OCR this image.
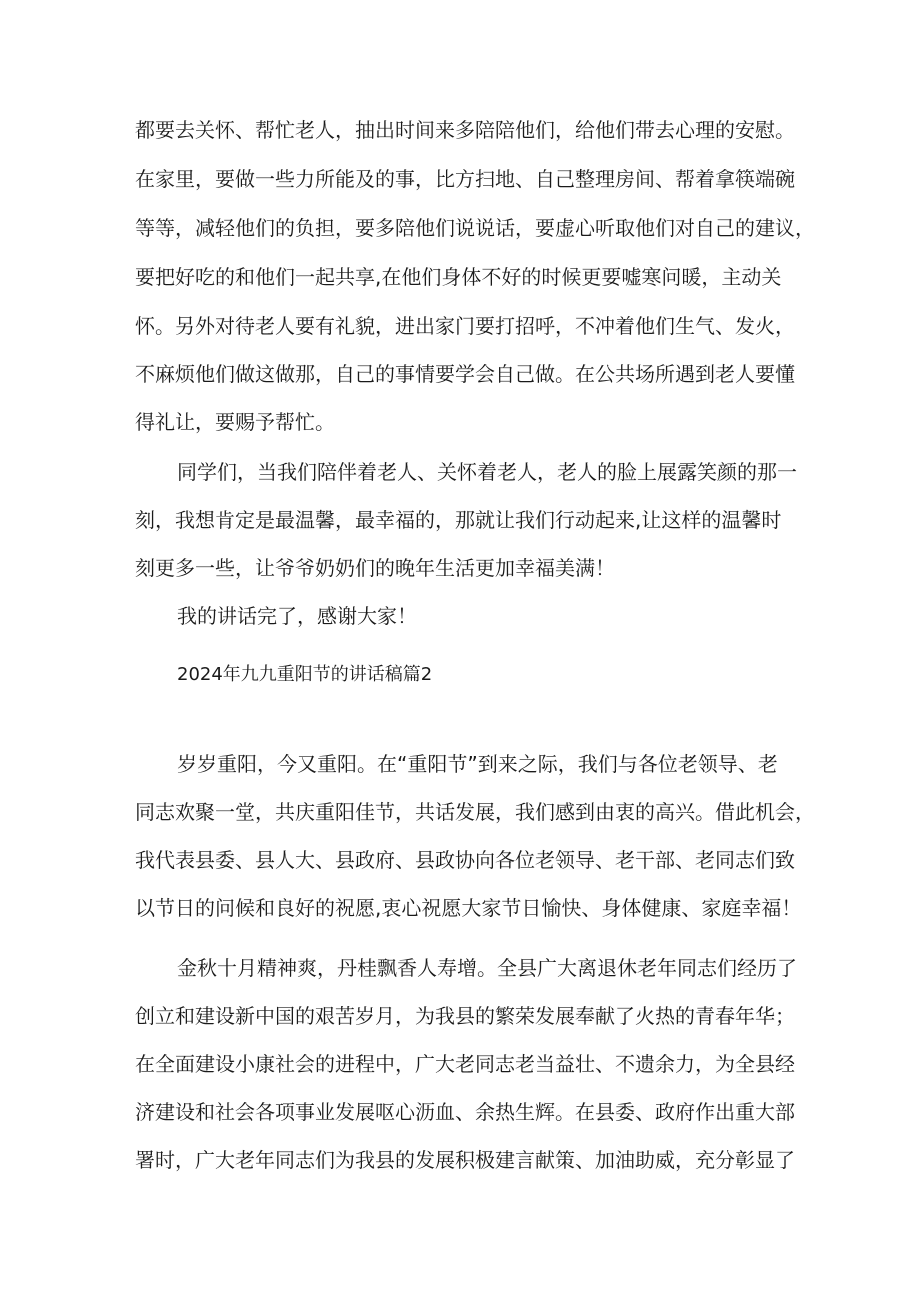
都要去关怀、帮忙老人，抽出时间来多陪陪他们，给他们带去心理的安慰。
在家里，要做一些力所能及的事，比方扫地、自己整理房间、帮着拿筷端碗
等等，减轻他们的负担，要多陪他们说说话，要虚心听取他们对自己的建议，
要把好吃的和他们一起共享,在他们身体不好的时候更要嘘寒问暖，主动关
怀。另外对待老人要有礼貌，进出家门要打招呼，不冲着他们生气、发火，
不麻烦他们做这做那，自己的事情要学会自己做。在公共场所遇到老人要懂
得礼让，要赐予帮忙。
同学们，当我们陪伴着老人、关怀着老人，老人的脸上展露笑颜的那一
刻，我想肯定是最温馨，最幸福的，那就让我们行动起来,让这样的温馨时
刻更多一些，让爷爷奶奶们的晚年生活更加幸福美满！
我的讲话完了，感谢大家！
2024年九九重阳节的讲话稿篇2
岁岁重阳，今又重阳。在“重阳节”到来之际，我们与各位老领导、老
同志欢聚一堂，共庆重阳佳节，共话发展，我们感到由衷的高兴。借此机会，
我代表县委、县人大、县政府、县政协向各位老领导、老干部、老同志们致
以节日的问候和良好的祝愿,衷心祝愿大家节日愉快、身体健康、家庭幸福！
金秋十月精神爽，丹桂飘香人寿增。全县广大离退休老年同志们经历了
创立和建设新中国的艰苦岁月，为我县的繁荣发展奉献了火热的青春年华；
在全面建设小康社会的进程中，广大老同志老当益壮、不遗余力，为全县经
济建设和社会各项事业发展呕心沥血、余热生辉。在县委、政府作出重大部
署时，广大老年同志们为我县的发展积极建言献策、加油助威，充分彰显了
